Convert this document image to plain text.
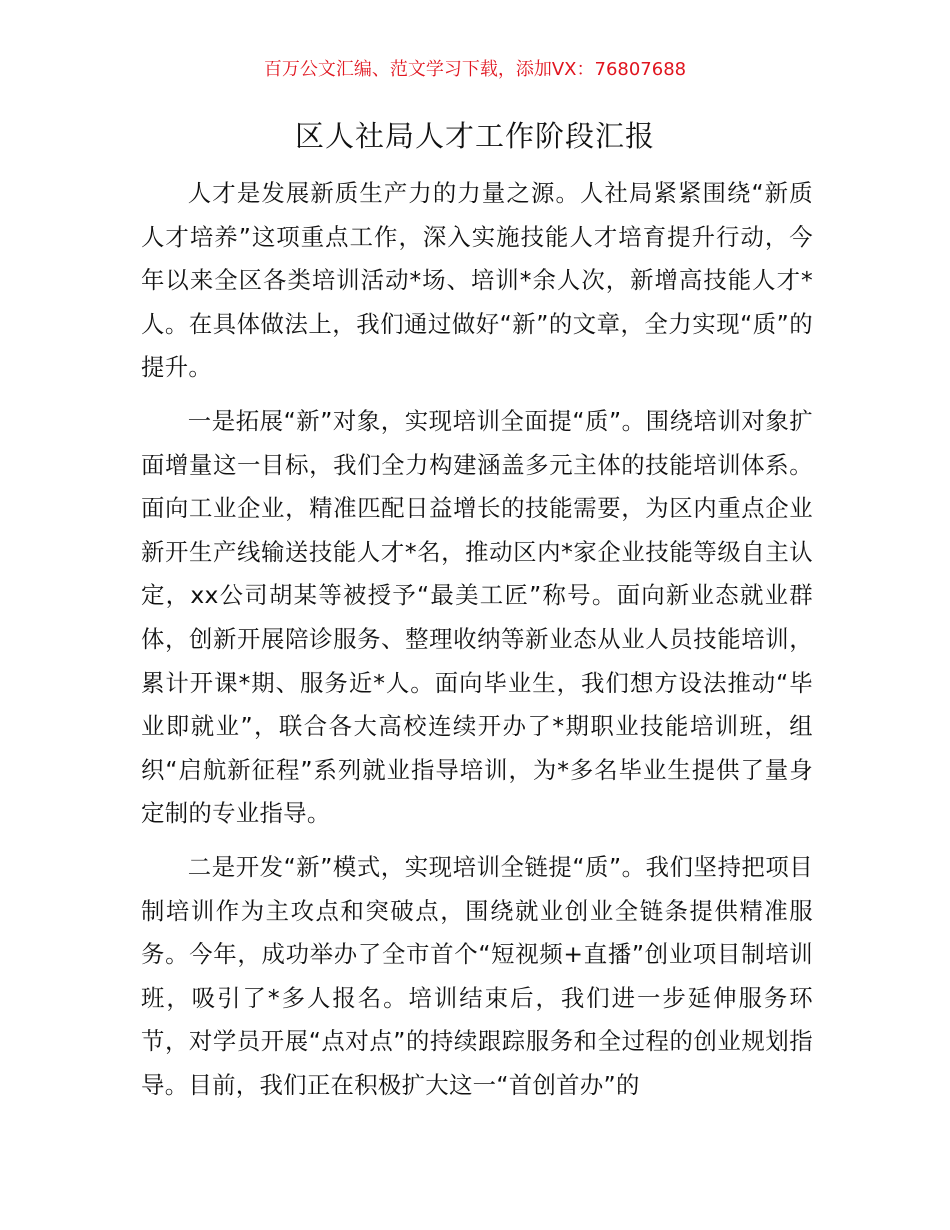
百万公文汇编、范文学习下载，添加VX：76807688
区人社局人才工作阶段汇报

人才是发展新质生产力的力量之源。人社局紧紧围绕“新质人才培养”这项重点工作，深入实施技能人才培育提升行动，今年以来全区各类培训活动*场、培训*余人次，新增高技能人才*人。在具体做法上，我们通过做好“新”的文章，全力实现“质”的提升。

一是拓展“新”对象，实现培训全面提“质”。围绕培训对象扩面增量这一目标，我们全力构建涵盖多元主体的技能培训体系。面向工业企业，精准匹配日益增长的技能需要，为区内重点企业新开生产线输送技能人才*名，推动区内*家企业技能等级自主认定，xx公司胡某等被授予“最美工匠”称号。面向新业态就业群体，创新开展陪诊服务、整理收纳等新业态从业人员技能培训，累计开课*期、服务近*人。面向毕业生，我们想方设法推动“毕业即就业”，联合各大高校连续开办了*期职业技能培训班，组织“启航新征程”系列就业指导培训，为*多名毕业生提供了量身定制的专业指导。

二是开发“新”模式，实现培训全链提“质”。我们坚持把项目制培训作为主攻点和突破点，围绕就业创业全链条提供精准服务。今年，成功举办了全市首个“短视频+直播”创业项目制培训班，吸引了*多人报名。培训结束后，我们进一步延伸服务环节，对学员开展“点对点”的持续跟踪服务和全过程的创业规划指导。目前，我们正在积极扩大这一“首创首办”的
